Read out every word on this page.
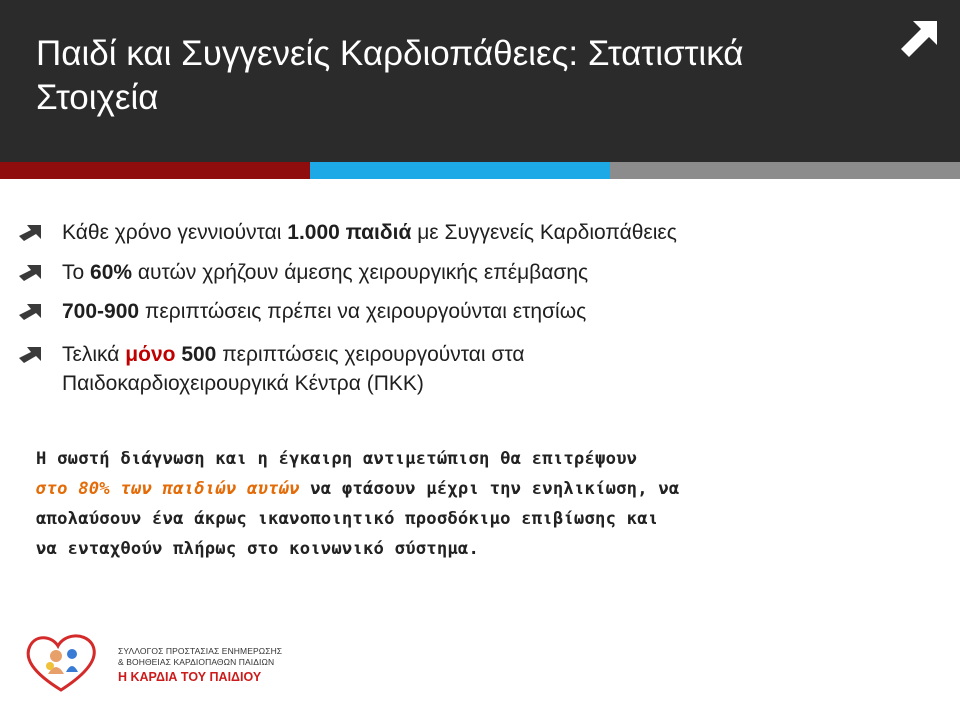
Παιδί και Συγγενείς Καρδιοπάθειες: Στατιστικά Στοιχεία
Κάθε χρόνο γεννιούνται 1.000 παιδιά με Συγγενείς Καρδιοπάθειες
Το 60% αυτών χρήζουν άμεσης χειρουργικής επέμβασης
700-900 περιπτώσεις πρέπει να χειρουργούνται ετησίως
Τελικά μόνο 500 περιπτώσεις χειρουργούνται στα
Παιδοκαρδιοχειρουργικά Κέντρα (ΠΚΚ)
Η σωστή διάγνωση και η έγκαιρη αντιμετώπιση θα επιτρέψουν
στο 80% των παιδιών αυτών να φτάσουν μέχρι την ενηλικίωση, να
απολαύσουν ένα άκρως ικανοποιητικό προσδόκιμο επιβίωσης και
να ενταχθούν πλήρως στο κοινωνικό σύστημα.
ΣΥΛΛΟΓΟΣ ΠΡΟΣΤΑΣΙΑΣ ΕΝΗΜΕΡΩΣΗΣ
& ΒΟΗΘΕΙΑΣ ΚΑΡΔΙΟΠΑΘΩΝ ΠΑΙΔΙΩΝ
Η ΚΑΡΔΙΑ ΤΟΥ ΠΑΙΔΙΟΥ
